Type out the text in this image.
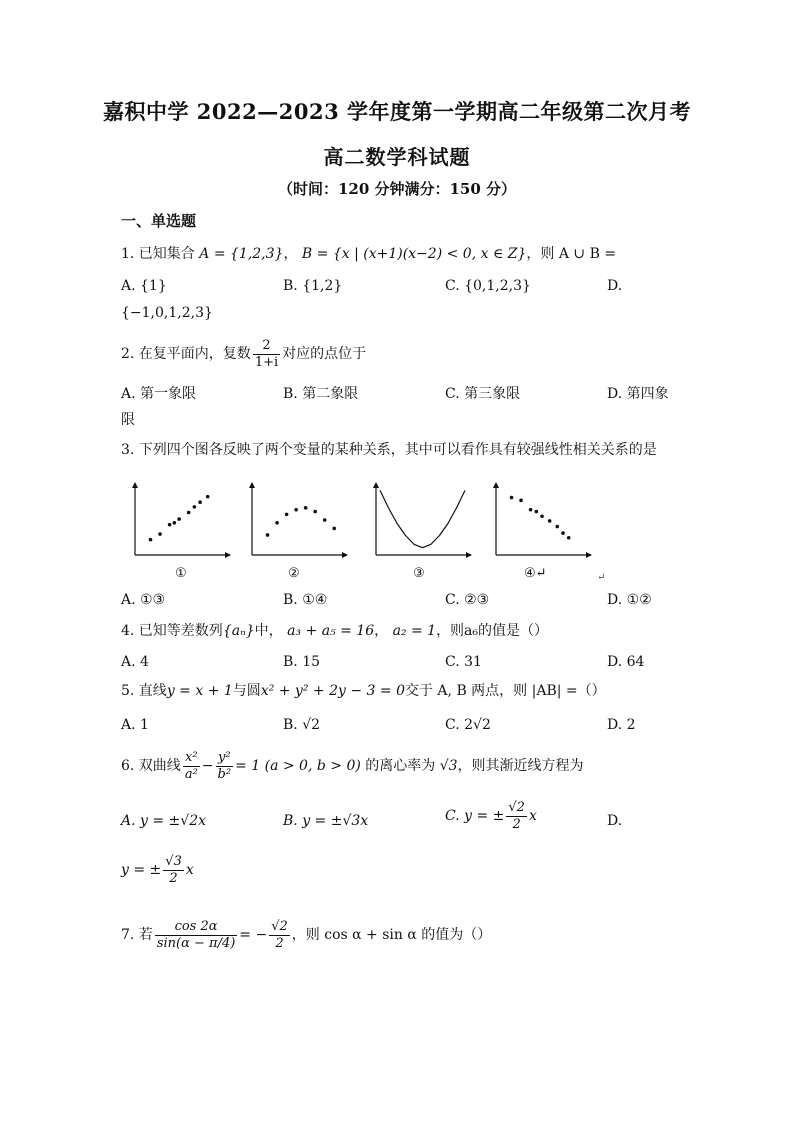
嘉积中学 2022—2023 学年度第一学期高二年级第二次月考
高二数学科试题
（时间：120 分钟满分：150 分）
一、单选题
1. 已知集合 A = {1,2,3}， B = {x | (x+1)(x−2) < 0, x ∈ Z}，则 A ∪ B =
A. {1}	B. {1,2}	C. {0,1,2,3}	D.
{−1,0,1,2,3}
2. 在复平面内，复数 $\frac{2}{1+i}$ 对应的点位于
A. 第一象限	B. 第二象限	C. 第三象限	D. 第四象
限
3. 下列四个图各反映了两个变量的某种关系，其中可以看作具有较强线性相关关系的是
①	②	③	④↵	↵
A. ①③	B. ①④	C. ②③	D. ①②
4. 已知等差数列{aₙ}中， a₃ + a₅ = 16， a₂ = 1，则a₆的值是（）
A. 4	B. 15	C. 31	D. 64
5. 直线y = x + 1与圆x² + y² + 2y − 3 = 0交于 A, B 两点，则 |AB| =（）
A. 1	B. √2	C. 2√2	D. 2
6. 双曲线 $\frac{\text{x²}}{\text{a²}} - \frac{\text{y²}}{\text{b²}} = 1$ (a > 0, b > 0) 的离心率为 √3，则其渐近线方程为
A. y = ±√2x	B. y = ±√3x	C. y = ± $\frac{√2}{2}$ x	D.
y = ± $\frac{√3}{2}$ x
7. 若 $\frac{\cos 2\alpha}{\sin(\alpha - \pi/4)}$ = − $\frac{√2}{2}$ ，则 cos α + sin α 的值为（）
